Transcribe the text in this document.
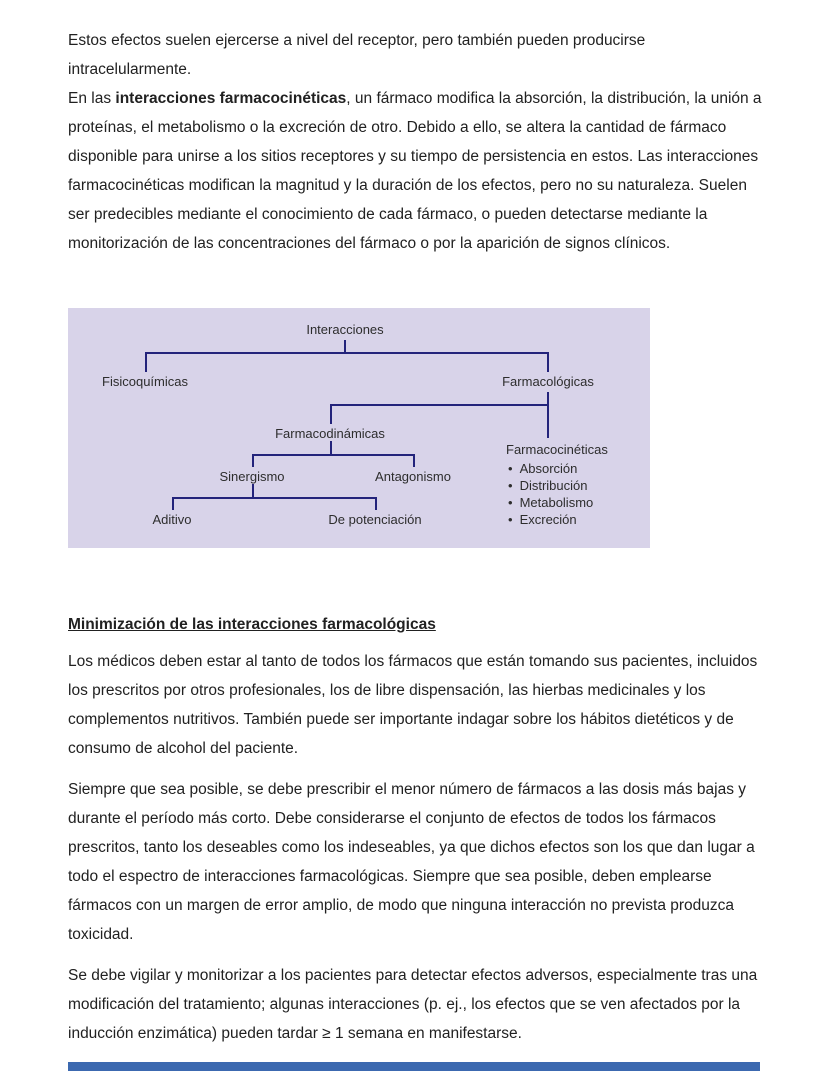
Estos efectos suelen ejercerse a nivel del receptor, pero también pueden producirse intracelularmente.

En las interacciones farmacocinéticas, un fármaco modifica la absorción, la distribución, la unión a proteínas, el metabolismo o la excreción de otro. Debido a ello, se altera la cantidad de fármaco disponible para unirse a los sitios receptores y su tiempo de persistencia en estos. Las interacciones farmacocinéticas modifican la magnitud y la duración de los efectos, pero no su naturaleza. Suelen ser predecibles mediante el conocimiento de cada fármaco, o pueden detectarse mediante la monitorización de las concentraciones del fármaco o por la aparición de signos clínicos.

Interacciones
Fisicoquímicas	Farmacológicas
Farmacodinámicas
Sinergismo	Antagonismo
Aditivo	De potenciación
Farmacocinéticas
• Absorción
• Distribución
• Metabolismo
• Excreción
Minimización de las interacciones farmacológicas

Los médicos deben estar al tanto de todos los fármacos que están tomando sus pacientes, incluidos los prescritos por otros profesionales, los de libre dispensación, las hierbas medicinales y los complementos nutritivos. También puede ser importante indagar sobre los hábitos dietéticos y de consumo de alcohol del paciente.

Siempre que sea posible, se debe prescribir el menor número de fármacos a las dosis más bajas y durante el período más corto. Debe considerarse el conjunto de efectos de todos los fármacos prescritos, tanto los deseables como los indeseables, ya que dichos efectos son los que dan lugar a todo el espectro de interacciones farmacológicas. Siempre que sea posible, deben emplearse fármacos con un margen de error amplio, de modo que ninguna interacción no prevista produzca toxicidad.

Se debe vigilar y monitorizar a los pacientes para detectar efectos adversos, especialmente tras una modificación del tratamiento; algunas interacciones (p. ej., los efectos que se ven afectados por la inducción enzimática) pueden tardar ≥ 1 semana en manifestarse.
